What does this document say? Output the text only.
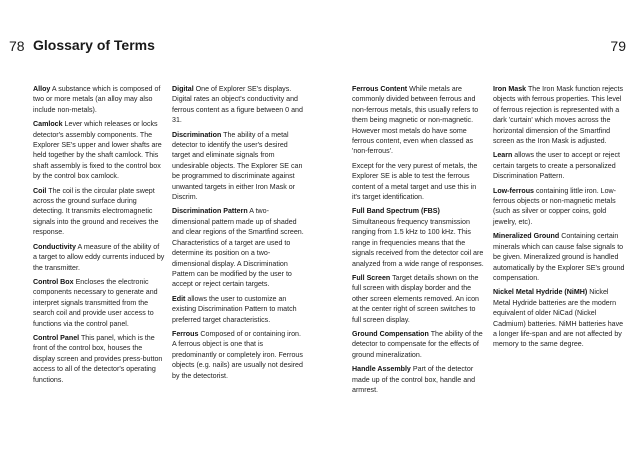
78 Glossary of Terms	79

Alloy A substance which is composed of two or more metals (an alloy may also include non-metals).

Camlock Lever which releases or locks detector's assembly components. The Explorer SE's upper and lower shafts are held together by the shaft camlock. This shaft assembly is fixed to the control box by the control box camlock.

Coil The coil is the circular plate swept across the ground surface during detecting. It transmits electromagnetic signals into the ground and receives the response.

Conductivity A measure of the ability of a target to allow eddy currents induced by the transmitter.

Control Box Encloses the electronic components necessary to generate and interpret signals transmitted from the search coil and provide user access to functions via the control panel.

Control Panel This panel, which is the front of the control box, houses the display screen and provides press-button access to all of the detector's operating functions.

Digital One of Explorer SE's displays. Digital rates an object's conductivity and ferrous content as a figure between 0 and 31.

Discrimination The ability of a metal detector to identify the user's desired target and eliminate signals from undesirable objects. The Explorer SE can be programmed to discriminate against unwanted targets in either Iron Mask or Discrim.

Discrimination Pattern A two-dimensional pattern made up of shaded and clear regions of the Smartfind screen. Characteristics of a target are used to determine its position on a two-dimensional display. A Discrimination Pattern can be modified by the user to accept or reject certain targets.

Edit allows the user to customize an existing Discrimination Pattern to match preferred target characteristics.

Ferrous Composed of or containing iron. A ferrous object is one that is predominantly or completely iron. Ferrous objects (e.g. nails) are usually not desired by the detectorist.

Ferrous Content While metals are commonly divided between ferrous and non-ferrous metals, this usually refers to them being magnetic or non-magnetic. However most metals do have some ferrous content, even when classed as 'non-ferrous'.

Except for the very purest of metals, the Explorer SE is able to test the ferrous content of a metal target and use this in it's target identification.

Full Band Spectrum (FBS) Simultaneous frequency transmission ranging from 1.5 kHz to 100 kHz. This range in frequencies means that the signals received from the detector coil are analyzed from a wide range of responses.

Full Screen Target details shown on the full screen with display border and the other screen elements removed. An icon at the center right of screen switches to full screen display.

Ground Compensation The ability of the detector to compensate for the effects of ground mineralization.

Handle Assembly Part of the detector made up of the control box, handle and armrest.

Iron Mask The Iron Mask function rejects objects with ferrous properties. This level of ferrous rejection is represented with a dark 'curtain' which moves across the horizontal dimension of the Smartfind screen as the Iron Mask is adjusted.

Learn allows the user to accept or reject certain targets to create a personalized Discrimination Pattern.

Low-ferrous containing little iron. Low-ferrous objects or non-magnetic metals (such as silver or copper coins, gold jewelry, etc).

Mineralized Ground Containing certain minerals which can cause false signals to be given. Mineralized ground is handled automatically by the Explorer SE's ground compensation.

Nickel Metal Hydride (NiMH) Nickel Metal Hydride batteries are the modern equivalent of older NiCad (Nickel Cadmium) batteries. NiMH batteries have a longer life-span and are not affected by memory to the same degree.
